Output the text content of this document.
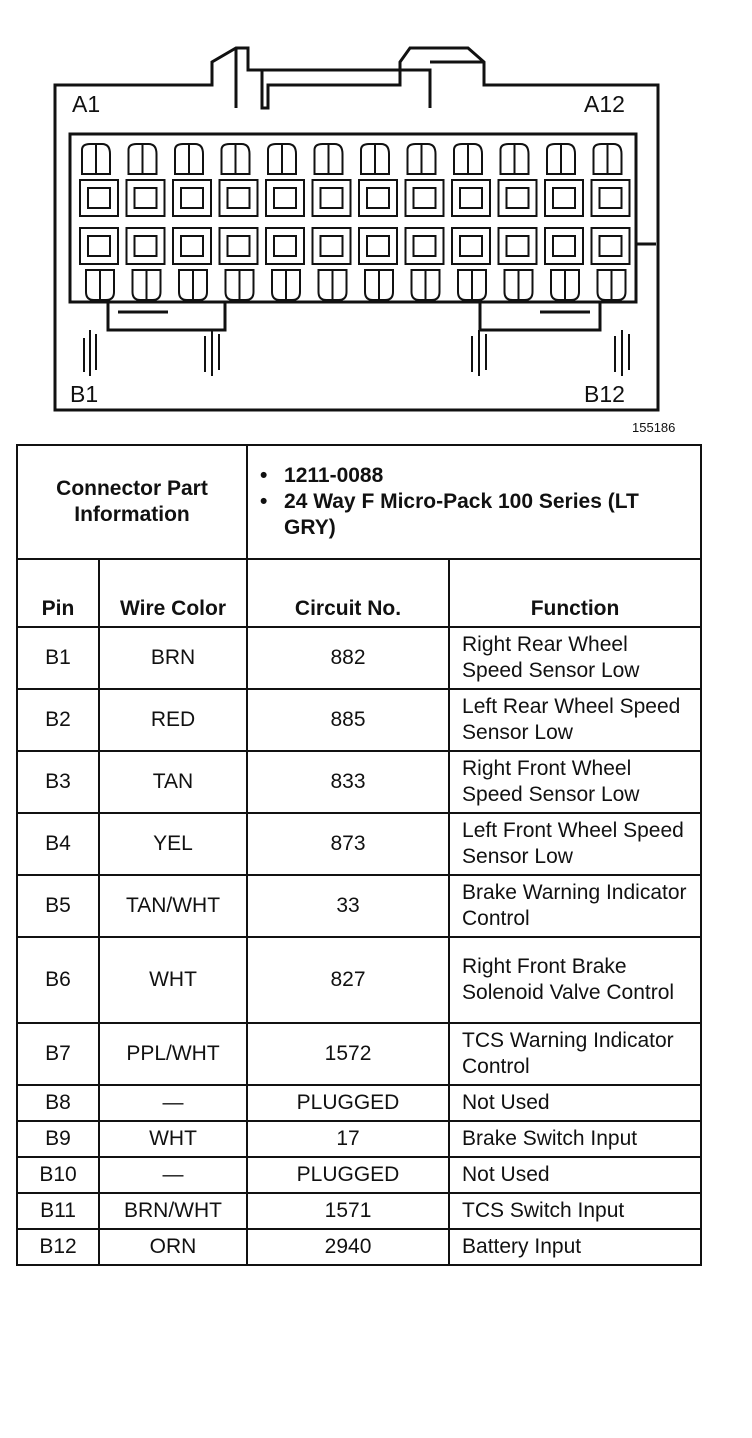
A1	A12
B1	B12
155186
Connector Part Information		• 1211-0088
• 24 Way F Micro-Pack 100 Series (LT GRY)	

Pin	Wire Color	Circuit No.	Function
B1	BRN	882	Right Rear Wheel Speed Sensor Low
B2	RED	885	Left Rear Wheel Speed Sensor Low
B3	TAN	833	Right Front Wheel Speed Sensor Low
B4	YEL	873	Left Front Wheel Speed Sensor Low
B5	TAN/WHT	33	Brake Warning Indicator Control
B6	WHT	827	Right Front Brake Solenoid Valve Control
B7	PPL/WHT	1572	TCS Warning Indicator Control
B8	—	PLUGGED	Not Used
B9	WHT	17	Brake Switch Input
B10	—	PLUGGED	Not Used
B11	BRN/WHT	1571	TCS Switch Input
B12	ORN	2940	Battery Input
